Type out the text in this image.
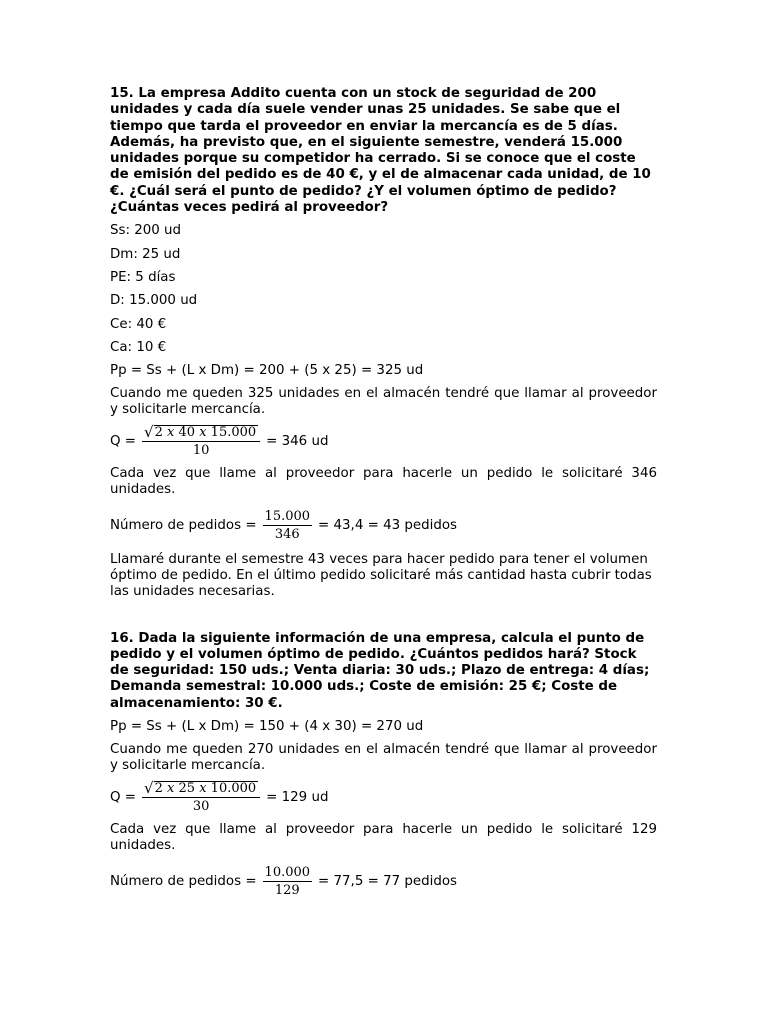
15. La empresa Addito cuenta con un stock de seguridad de 200 unidades y cada día suele vender unas 25 unidades. Se sabe que el tiempo que tarda el proveedor en enviar la mercancía es de 5 días. Además, ha previsto que, en el siguiente semestre, venderá 15.000 unidades porque su competidor ha cerrado. Si se conoce que el coste de emisión del pedido es de 40 €, y el de almacenar cada unidad, de 10 €. ¿Cuál será el punto de pedido? ¿Y el volumen óptimo de pedido? ¿Cuántas veces pedirá al proveedor?

Ss: 200 ud

Dm: 25 ud

PE: 5 días

D: 15.000 ud

Ce: 40 €

Ca: 10 €

Pp = Ss + (L x Dm) = 200 + (5 x 25) = 325 ud

Cuando me queden 325 unidades en el almacén tendré que llamar al proveedor y solicitarle mercancía.

$Q = \frac{√ 2 x 40 x 15.000}{10} = 346$ ud

Cada vez que llame al proveedor para hacerle un pedido le solicitaré 346 unidades.

Número de pedidos = $\frac{15.000}{346} = 43,4 = 43$ pedidos

Llamaré durante el semestre 43 veces para hacer pedido para tener el volumen óptimo de pedido. En el último pedido solicitaré más cantidad hasta cubrir todas las unidades necesarias.

16. Dada la siguiente información de una empresa, calcula el punto de pedido y el volumen óptimo de pedido. ¿Cuántos pedidos hará? Stock de seguridad: 150 uds.; Venta diaria: 30 uds.; Plazo de entrega: 4 días; Demanda semestral: 10.000 uds.; Coste de emisión: 25 €; Coste de almacenamiento: 30 €.

Pp = Ss + (L x Dm) = 150 + (4 x 30) = 270 ud

Cuando me queden 270 unidades en el almacén tendré que llamar al proveedor y solicitarle mercancía.

$Q = \frac{√ 2 x 25 x 10.000}{30} = 129$ ud

Cada vez que llame al proveedor para hacerle un pedido le solicitaré 129 unidades.

Número de pedidos = $\frac{10.000}{129} = 77,5 = 77$ pedidos
